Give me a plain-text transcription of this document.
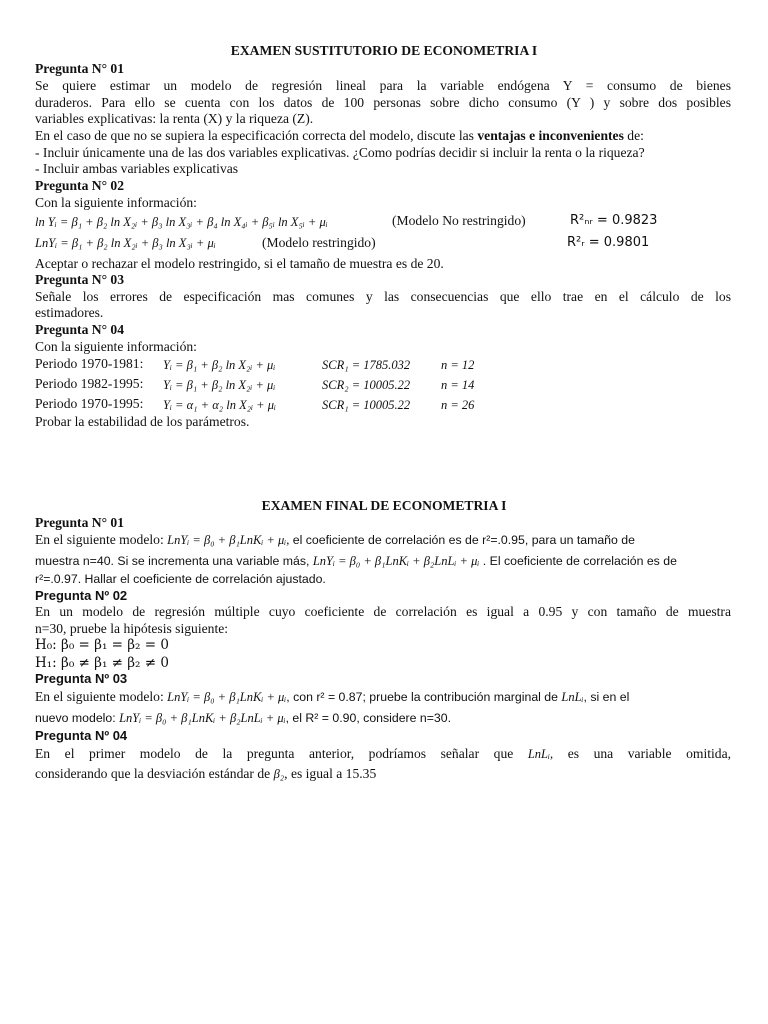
EXAMEN SUSTITUTORIO DE ECONOMETRIA I
Pregunta N° 01
Se quiere estimar un modelo de regresión lineal para la variable endógena Y = consumo de bienes
duraderos. Para ello se cuenta con los datos de 100 personas sobre dicho consumo (Y ) y sobre dos posibles
variables explicativas: la renta (X) y la riqueza (Z).
En el caso de que no se supiera la especificación correcta del modelo, discute las ventajas e inconvenientes de:
- Incluir únicamente una de las dos variables explicativas. ¿Como podrías decidir si incluir la renta o la riqueza?
- Incluir ambas variables explicativas
Pregunta N° 02
Con la siguiente información:
ln Yᵢ = β₁ + β₂ ln X₂ᵢ + β₃ ln X₃ᵢ + β₄ ln X₄ᵢ + β₅ᵢ ln X₅ᵢ + μᵢ	(Modelo No restringido)	R²ₙᵣ = 0.9823
LnYᵢ = β₁ + β₂ ln X₂ᵢ + β₃ ln X₃ᵢ + μᵢ	(Modelo restringido)	R²ᵣ = 0.9801
Aceptar o rechazar el modelo restringido, si el tamaño de muestra es de 20.
Pregunta N° 03
Señale los errores de especificación mas comunes y las consecuencias que ello trae en el cálculo de los
estimadores.
Pregunta N° 04
Con la siguiente información:
Periodo 1970-1981: Yᵢ = β₁ + β₂ ln X₂ᵢ + μᵢ	SCR₁ = 1785.032 n = 12
Periodo 1982-1995: Yᵢ = β₁ + β₂ ln X₂ᵢ + μᵢ	SCR₂ = 10005.22 n = 14
Periodo 1970-1995: Yᵢ = α₁ + α₂ ln X₂ᵢ + μᵢ	SCR₁ = 10005.22 n = 26
Probar la estabilidad de los parámetros.
EXAMEN FINAL DE ECONOMETRIA I
Pregunta N° 01
En el siguiente modelo: LnYᵢ = β₀ + β₁LnKᵢ + μᵢ, el coeficiente de correlación es de r²=.0.95, para un tamaño de
muestra n=40. Si se incrementa una variable más, LnYᵢ = β₀ + β₁LnKᵢ + β₂LnLᵢ + μᵢ . El coeficiente de correlación es de
r²=.0.97. Hallar el coeficiente de correlación ajustado.
Pregunta Nº 02
En un modelo de regresión múltiple cuyo coeficiente de correlación es igual a 0.95 y con tamaño de muestra
n=30, pruebe la hipótesis siguiente:
H₀: β₀ = β₁ = β₂ = 0
H₁: β₀ ≠ β₁ ≠ β₂ ≠ 0
Pregunta Nº 03
En el siguiente modelo: LnYᵢ = β₀ + β₁LnKᵢ + μᵢ, con r² = 0.87; pruebe la contribución marginal de LnLᵢ, si en el
nuevo modelo: LnYᵢ = β₀ + β₁LnKᵢ + β₂LnLᵢ + μᵢ, el R² = 0.90, considere n=30.
Pregunta Nº 04
En el primer modelo de la pregunta anterior, podríamos señalar que LnLᵢ, es una variable omitida,
considerando que la desviación estándar de β₂, es igual a 15.35
